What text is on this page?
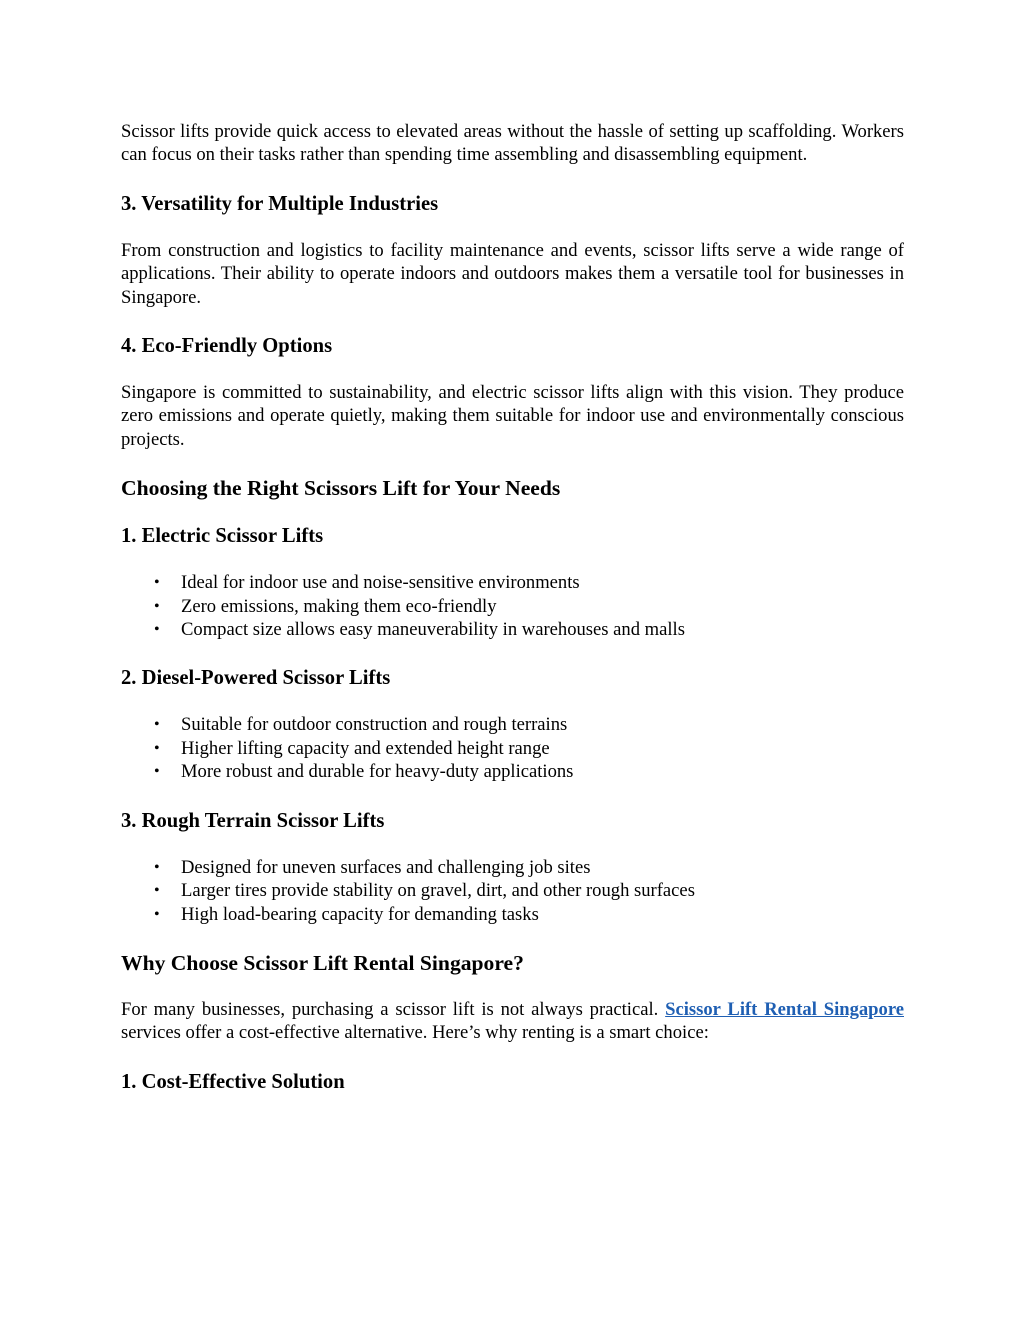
Scissor lifts provide quick access to elevated areas without the hassle of setting up scaffolding. Workers can focus on their tasks rather than spending time assembling and disassembling equipment.

3. Versatility for Multiple Industries

From construction and logistics to facility maintenance and events, scissor lifts serve a wide range of applications. Their ability to operate indoors and outdoors makes them a versatile tool for businesses in Singapore.

4. Eco-Friendly Options

Singapore is committed to sustainability, and electric scissor lifts align with this vision. They produce zero emissions and operate quietly, making them suitable for indoor use and environmentally conscious projects.

Choosing the Right Scissors Lift for Your Needs
1. Electric Scissor Lifts
• Ideal for indoor use and noise-sensitive environments
• Zero emissions, making them eco-friendly
• Compact size allows easy maneuverability in warehouses and malls
2. Diesel-Powered Scissor Lifts
• Suitable for outdoor construction and rough terrains
• Higher lifting capacity and extended height range
• More robust and durable for heavy-duty applications
3. Rough Terrain Scissor Lifts
• Designed for uneven surfaces and challenging job sites
• Larger tires provide stability on gravel, dirt, and other rough surfaces
• High load-bearing capacity for demanding tasks
Why Choose Scissor Lift Rental Singapore?

For many businesses, purchasing a scissor lift is not always practical. Scissor Lift Rental Singapore services offer a cost-effective alternative. Here’s why renting is a smart choice:

1. Cost-Effective Solution
